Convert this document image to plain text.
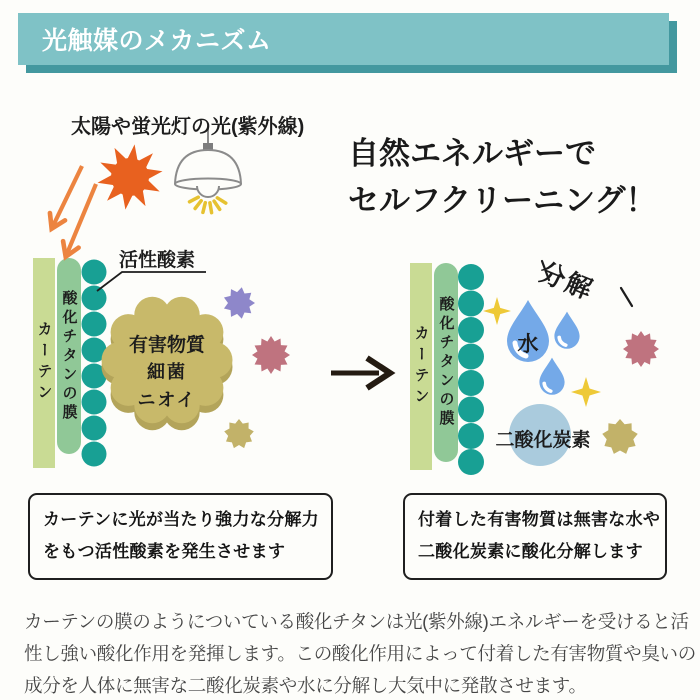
光触媒のメカニズム
太陽や蛍光灯の光(紫外線)
自然エネルギーで
セルフクリーニング！
カーテン 酸化チタンの膜	カーテン 酸化チタンの膜
活性酸素
有害物質
細菌
ニオイ
分解
水
二酸化炭素
カーテンに光が当たり強力な分解力
をもつ活性酸素を発生させます
付着した有害物質は無害な水や
二酸化炭素に酸化分解します
カーテンの膜のようについている酸化チタンは光(紫外線)エネルギーを受けると活
性し強い酸化作用を発揮します。この酸化作用によって付着した有害物質や臭いの
成分を人体に無害な二酸化炭素や水に分解し大気中に発散させます。
